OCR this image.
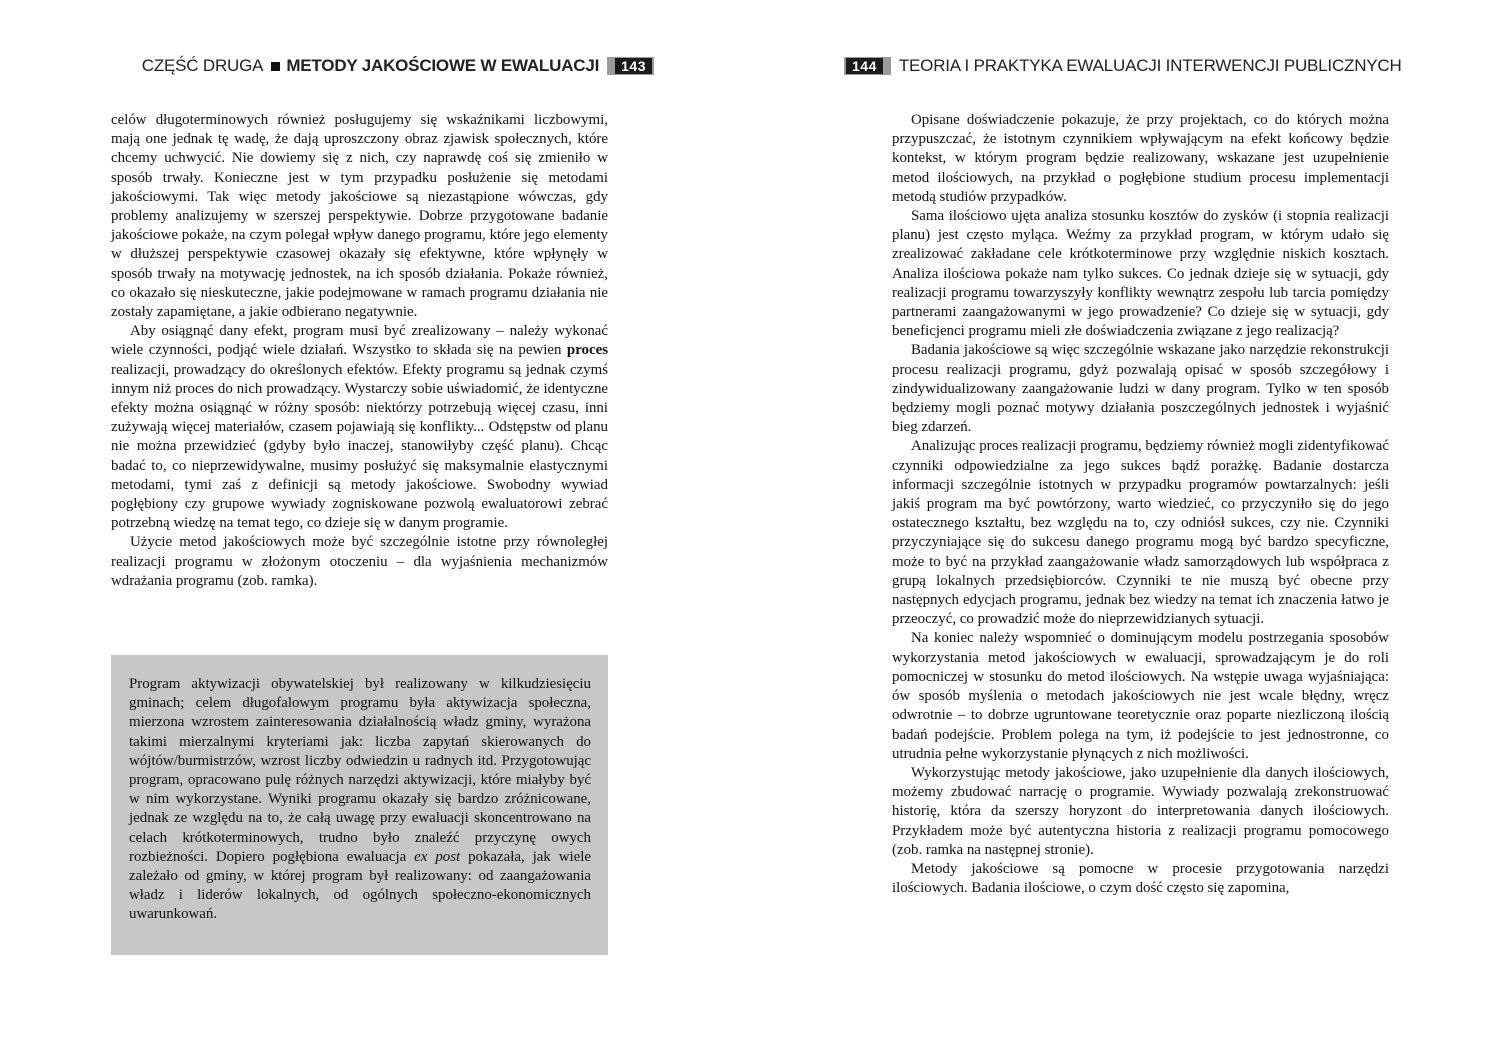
CZĘŚĆ DRUGA METODY JAKOŚCIOWE W EWALUACJI	143

celów długoterminowych również posługujemy się wskaźnikami liczbowymi, mają one jednak tę wadę, że dają uproszczony obraz zjawisk społecznych, które chcemy uchwycić. Nie dowiemy się z nich, czy naprawdę coś się zmieniło w sposób trwały. Konieczne jest w tym przypadku posłużenie się metodami jakościowymi. Tak więc metody jakościowe są niezastąpione wówczas, gdy problemy analizujemy w szerszej perspektywie. Dobrze przygotowane badanie jakościowe pokaże, na czym polegał wpływ danego programu, które jego elementy w dłuższej perspektywie czasowej okazały się efektywne, które wpłynęły w sposób trwały na motywację jednostek, na ich sposób działania. Pokaże również, co okazało się nieskuteczne, jakie podejmowane w ramach programu działania nie zostały zapamiętane, a jakie odbierano negatywnie.

Aby osiągnąć dany efekt, program musi być zrealizowany – należy wykonać wiele czynności, podjąć wiele działań. Wszystko to składa się na pewien proces realizacji, prowadzący do określonych efektów. Efekty programu są jednak czymś innym niż proces do nich prowadzący. Wystarczy sobie uświadomić, że identyczne efekty można osiągnąć w różny sposób: niektórzy potrzebują więcej czasu, inni zużywają więcej materiałów, czasem pojawiają się konflikty... Odstępstw od planu nie można przewidzieć (gdyby było inaczej, stanowiłyby część planu). Chcąc badać to, co nieprzewidywalne, musimy posłużyć się maksymalnie elastycznymi metodami, tymi zaś z definicji są metody jakościowe. Swobodny wywiad pogłębiony czy grupowe wywiady zogniskowane pozwolą ewaluatorowi zebrać potrzebną wiedzę na temat tego, co dzieje się w danym programie.

Użycie metod jakościowych może być szczególnie istotne przy równoległej realizacji programu w złożonym otoczeniu – dla wyjaśnienia mechanizmów wdrażania programu (zob. ramka).

Program aktywizacji obywatelskiej był realizowany w kilkudziesięciu gminach; celem długofalowym programu była aktywizacja społeczna, mierzona wzrostem zainteresowania działalnością władz gminy, wyrażona takimi mierzalnymi kryteriami jak: liczba zapytań skierowanych do wójtów/burmistrzów, wzrost liczby odwiedzin u radnych itd. Przygotowując program, opracowano pulę różnych narzędzi aktywizacji, które miałyby być w nim wykorzystane. Wyniki programu okazały się bardzo zróżnicowane, jednak ze względu na to, że całą uwagę przy ewaluacji skoncentrowano na celach krótkoterminowych, trudno było znaleźć przyczynę owych rozbieżności. Dopiero pogłębiona ewaluacja ex post pokazała, jak wiele zależało od gminy, w której program był realizowany: od zaangażowania władz i liderów lokalnych, od ogólnych społeczno-ekonomicznych uwarunkowań.

144	TEORIA I PRAKTYKA EWALUACJI INTERWENCJI PUBLICZNYCH

Opisane doświadczenie pokazuje, że przy projektach, co do których można przypuszczać, że istotnym czynnikiem wpływającym na efekt końcowy będzie kontekst, w którym program będzie realizowany, wskazane jest uzupełnienie metod ilościowych, na przykład o pogłębione studium procesu implementacji metodą studiów przypadków.

Sama ilościowo ujęta analiza stosunku kosztów do zysków (i stopnia realizacji planu) jest często myląca. Weźmy za przykład program, w którym udało się zrealizować zakładane cele krótkoterminowe przy względnie niskich kosztach. Analiza ilościowa pokaże nam tylko sukces. Co jednak dzieje się w sytuacji, gdy realizacji programu towarzyszyły konflikty wewnątrz zespołu lub tarcia pomiędzy partnerami zaangażowanymi w jego prowadzenie? Co dzieje się w sytuacji, gdy beneficjenci programu mieli złe doświadczenia związane z jego realizacją?

Badania jakościowe są więc szczególnie wskazane jako narzędzie rekonstrukcji procesu realizacji programu, gdyż pozwalają opisać w sposób szczegółowy i zindywidualizowany zaangażowanie ludzi w dany program. Tylko w ten sposób będziemy mogli poznać motywy działania poszczególnych jednostek i wyjaśnić bieg zdarzeń.

Analizując proces realizacji programu, będziemy również mogli zidentyfikować czynniki odpowiedzialne za jego sukces bądź porażkę. Badanie dostarcza informacji szczególnie istotnych w przypadku programów powtarzalnych: jeśli jakiś program ma być powtórzony, warto wiedzieć, co przyczyniło się do jego ostatecznego kształtu, bez względu na to, czy odniósł sukces, czy nie. Czynniki przyczyniające się do sukcesu danego programu mogą być bardzo specyficzne, może to być na przykład zaangażowanie władz samorządowych lub współpraca z grupą lokalnych przedsiębiorców. Czynniki te nie muszą być obecne przy następnych edycjach programu, jednak bez wiedzy na temat ich znaczenia łatwo je przeoczyć, co prowadzić może do nieprzewidzianych sytuacji.

Na koniec należy wspomnieć o dominującym modelu postrzegania sposobów wykorzystania metod jakościowych w ewaluacji, sprowadzającym je do roli pomocniczej w stosunku do metod ilościowych. Na wstępie uwaga wyjaśniająca: ów sposób myślenia o metodach jakościowych nie jest wcale błędny, wręcz odwrotnie – to dobrze ugruntowane teoretycznie oraz poparte niezliczoną ilością badań podejście. Problem polega na tym, iż podejście to jest jednostronne, co utrudnia pełne wykorzystanie płynących z nich możliwości.

Wykorzystując metody jakościowe, jako uzupełnienie dla danych ilościowych, możemy zbudować narrację o programie. Wywiady pozwalają zrekonstruować historię, która da szerszy horyzont do interpretowania danych ilościowych. Przykładem może być autentyczna historia z realizacji programu pomocowego (zob. ramka na następnej stronie).

Metody jakościowe są pomocne w procesie przygotowania narzędzi ilościowych. Badania ilościowe, o czym dość często się zapomina,
